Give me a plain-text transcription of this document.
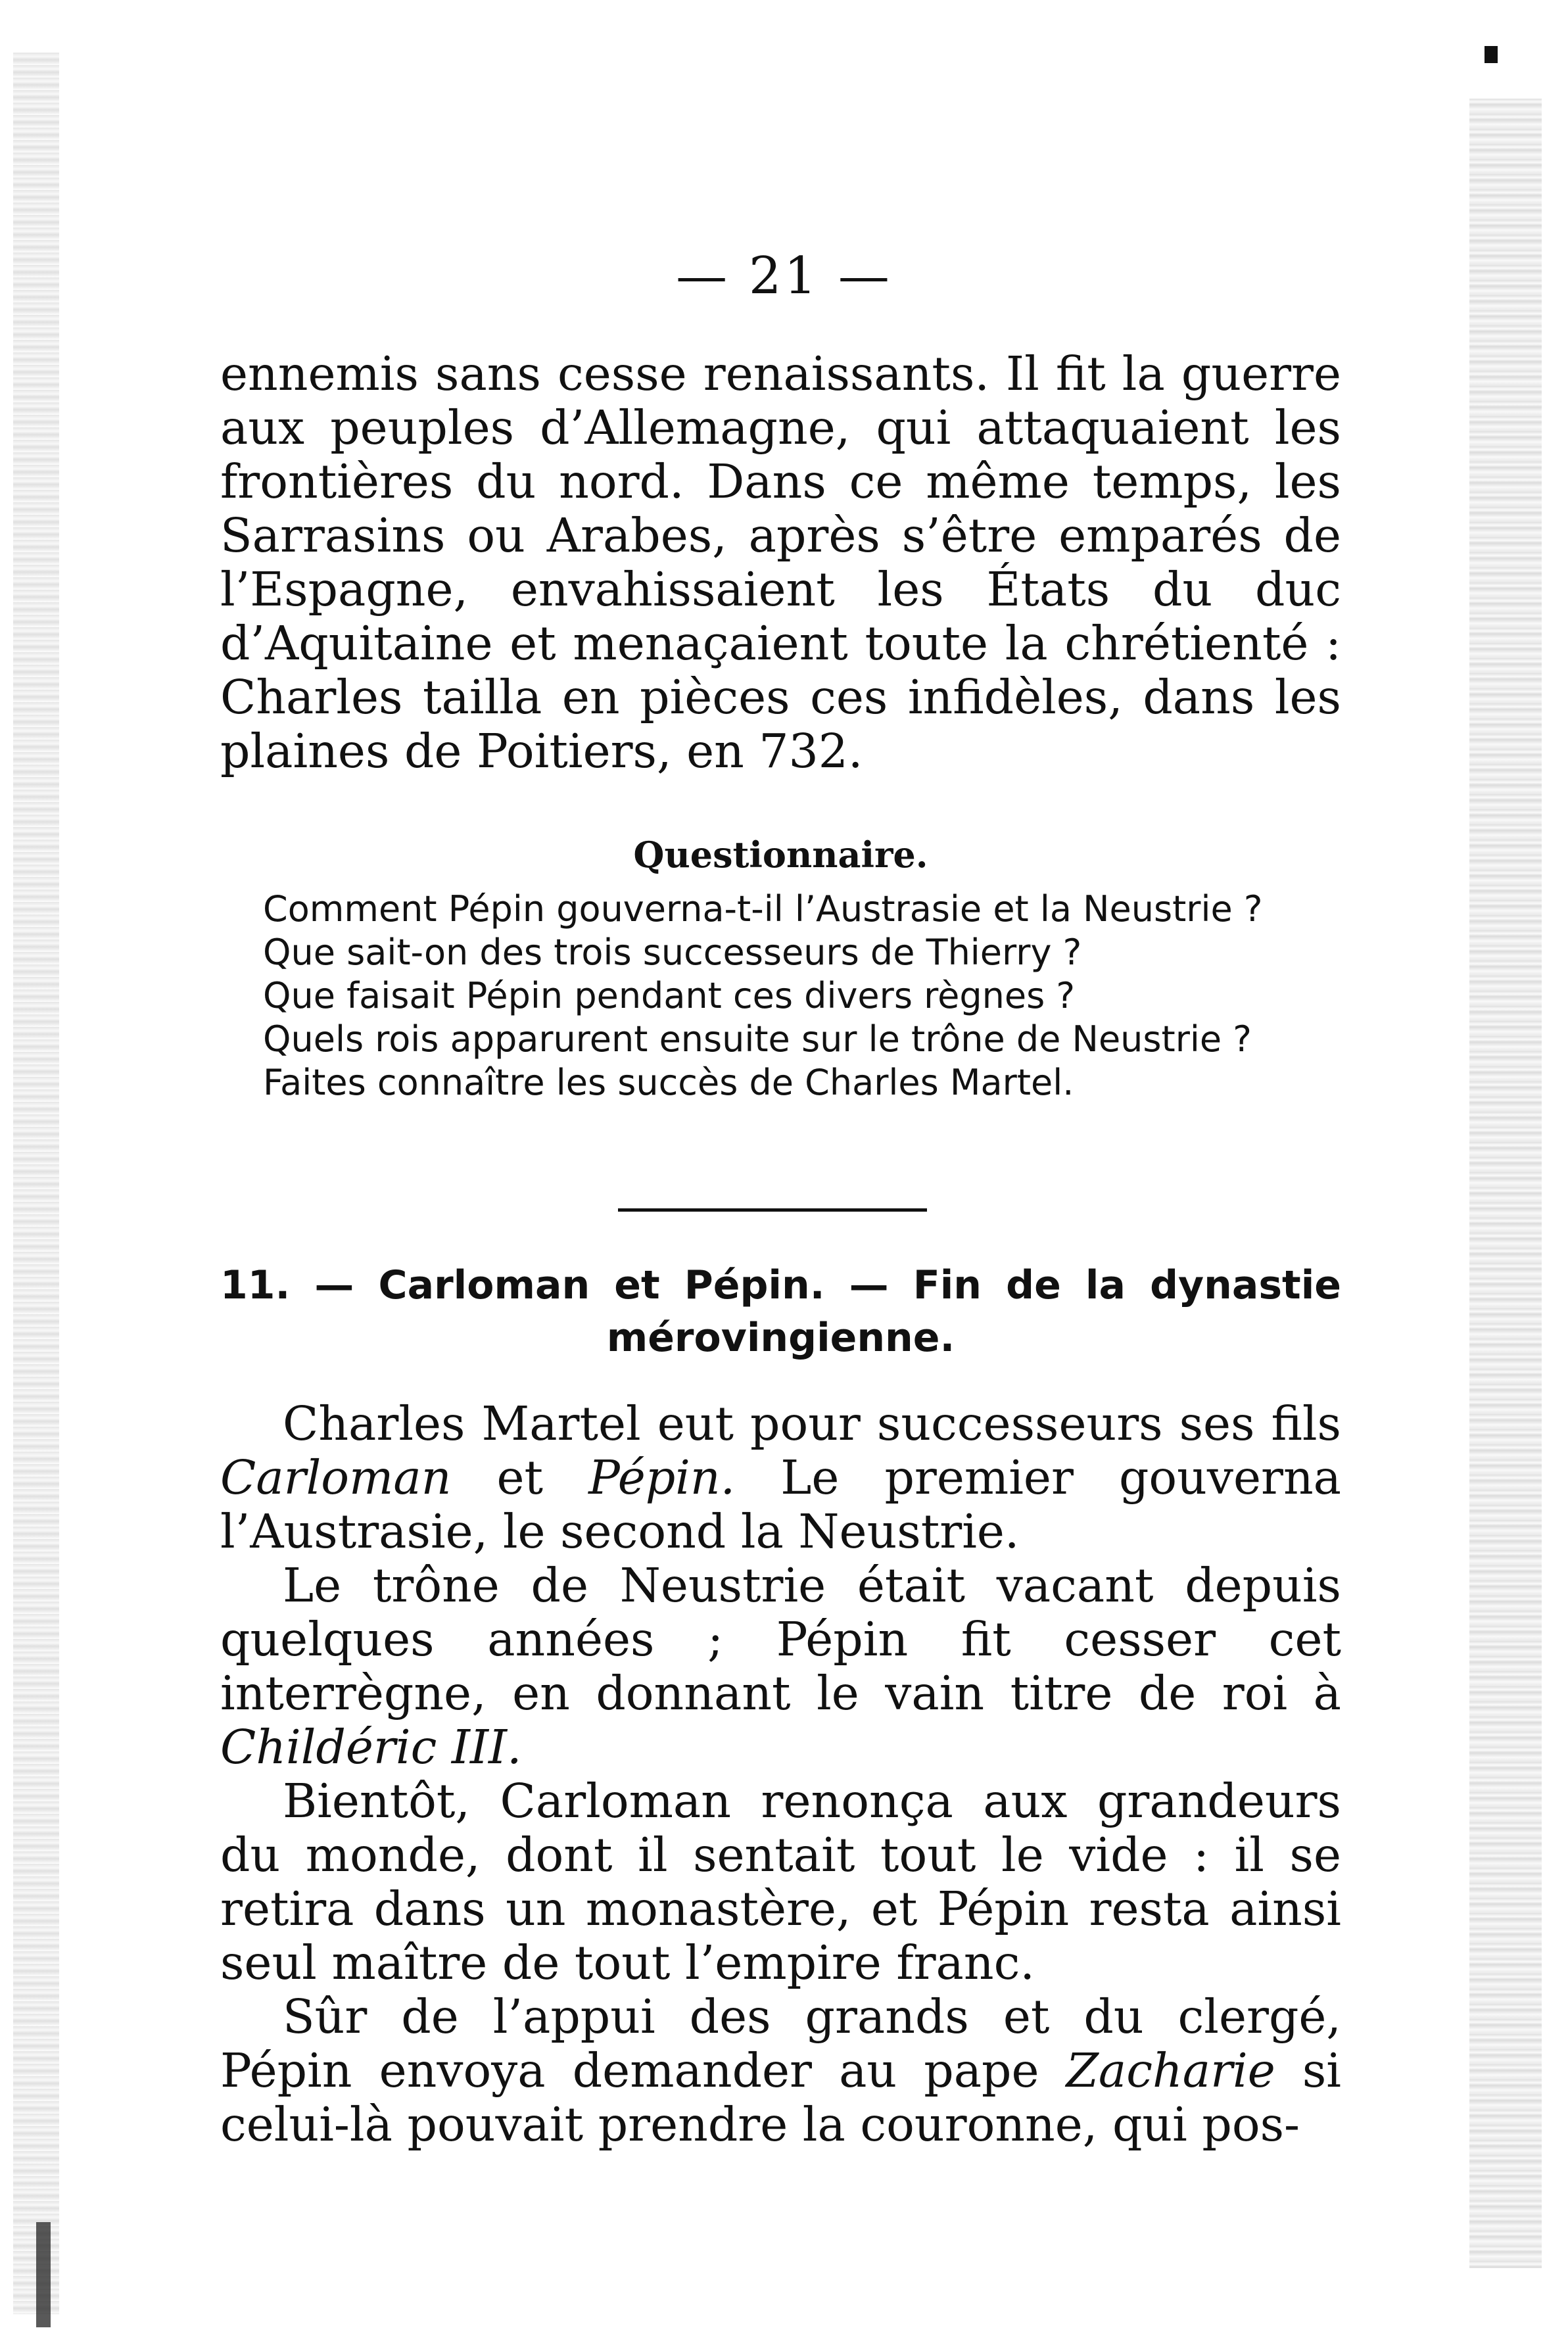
— 21 —

ennemis sans cesse renaissants. Il fit la guerre aux peuples d’Allemagne, qui attaquaient les frontières du nord. Dans ce même temps, les Sarrasins ou Arabes, après s’être emparés de l’Espagne, envahissaient les États du duc d’Aquitaine et menaçaient toute la chrétienté : Charles tailla en pièces ces infidèles, dans les plaines de Poitiers, en 732.

Questionnaire.

Comment Pépin gouverna-t-il l’Austrasie et la Neustrie ?

Que sait-on des trois successeurs de Thierry ?

Que faisait Pépin pendant ces divers règnes ?

Quels rois apparurent ensuite sur le trône de Neustrie ?

Faites connaître les succès de Charles Martel.

11. — Carloman et Pépin. — Fin de la dynastie
mérovingienne.

Charles Martel eut pour successeurs ses fils Carloman et Pépin. Le premier gouverna l’Austrasie, le second la Neustrie.

Le trône de Neustrie était vacant depuis quelques années ; Pépin fit cesser cet interrègne, en donnant le vain titre de roi à Childéric III.

Bientôt, Carloman renonça aux grandeurs du monde, dont il sentait tout le vide : il se retira dans un monastère, et Pépin resta ainsi seul maître de tout l’empire franc.

Sûr de l’appui des grands et du clergé, Pépin envoya demander au pape Zacharie si celui-là pouvait prendre la couronne, qui pos-
